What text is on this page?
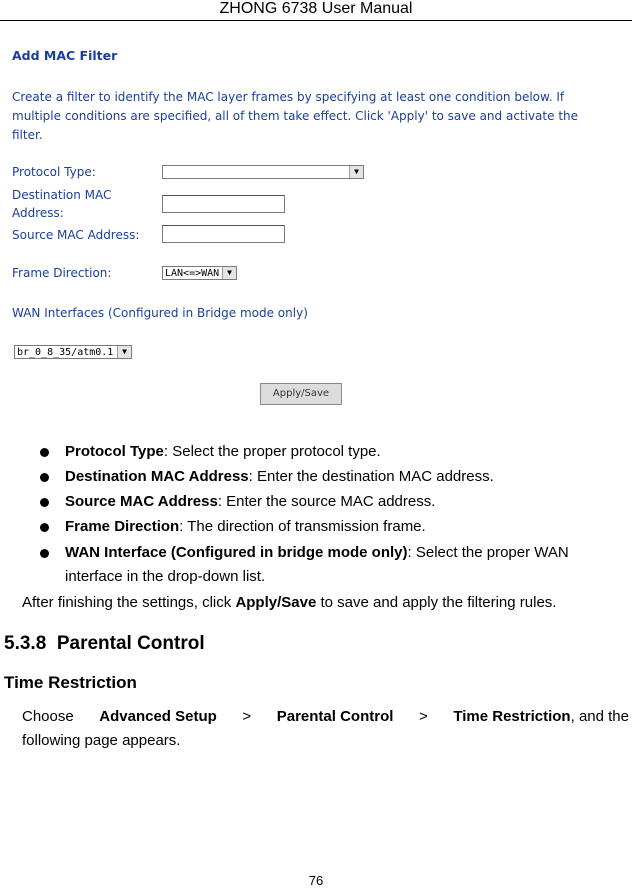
ZHONG 6738 User Manual
Add MAC Filter
Create a filter to identify the MAC layer frames by specifying at least one condition below. If multiple conditions are specified, all of them take effect. Click 'Apply' to save and activate the filter.
Protocol Type:	▼
Destination MAC
Address:
Source MAC Address:
Frame Direction:	LAN<=>WAN ▼
WAN Interfaces (Configured in Bridge mode only)
br_0_8_35/atm0.1	▼
Apply/Save
Protocol Type: Select the proper protocol type.
Destination MAC Address: Enter the destination MAC address.
Source MAC Address: Enter the source MAC address.
Frame Direction: The direction of transmission frame.
WAN Interface (Configured in bridge mode only): Select the proper WAN
interface in the drop-down list.
After finishing the settings, click Apply/Save to save and apply the filtering rules.
5.3.8 Parental Control
Time Restriction
Choose Advanced Setup > Parental Control > Time Restriction, and the
following page appears.
76
